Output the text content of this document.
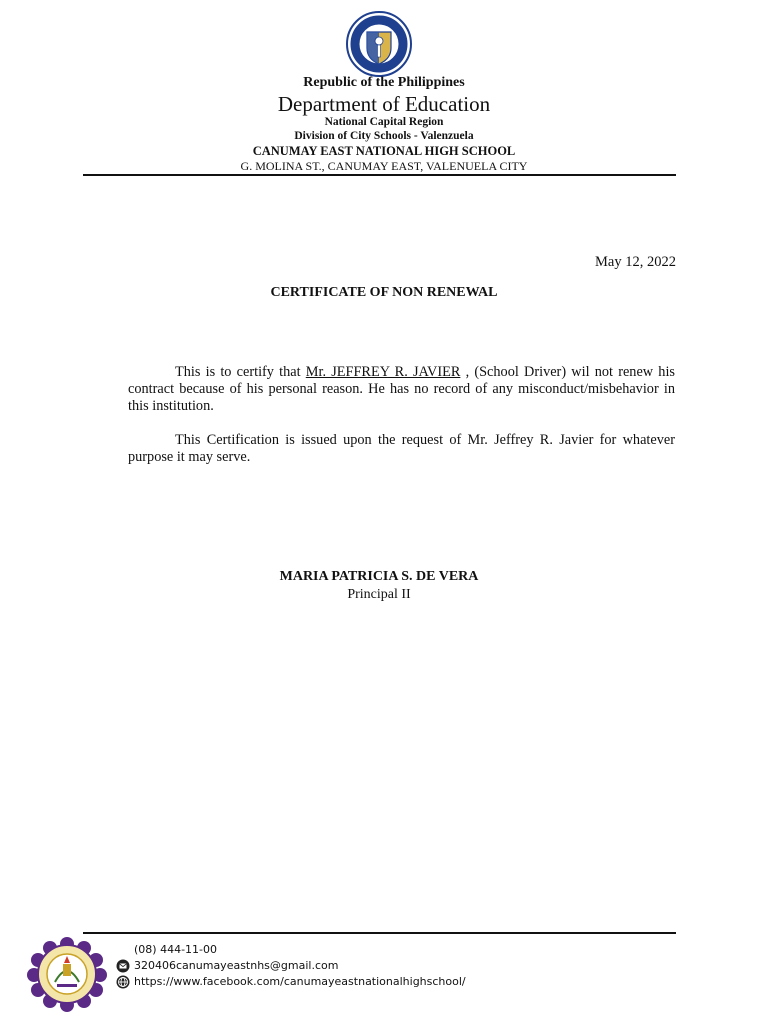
Republic of the Philippines
Department of Education
National Capital Region
Division of City Schools - Valenzuela
CANUMAY EAST NATIONAL HIGH SCHOOL
G. MOLINA ST., CANUMAY EAST, VALENUELA CITY
May 12, 2022
CERTIFICATE OF NON RENEWAL

This is to certify that Mr. JEFFREY R. JAVIER , (School Driver) wil not renew his contract because of his personal reason. He has no record of any misconduct/misbehavior in this institution.

This Certification is issued upon the request of Mr. Jeffrey R. Javier for whatever purpose it may serve.

MARIA PATRICIA S. DE VERA
Principal II
(08) 444-11-00
320406canumayeastnhs@gmail.com
https://www.facebook.com/canumayeastnationalhighschool/
